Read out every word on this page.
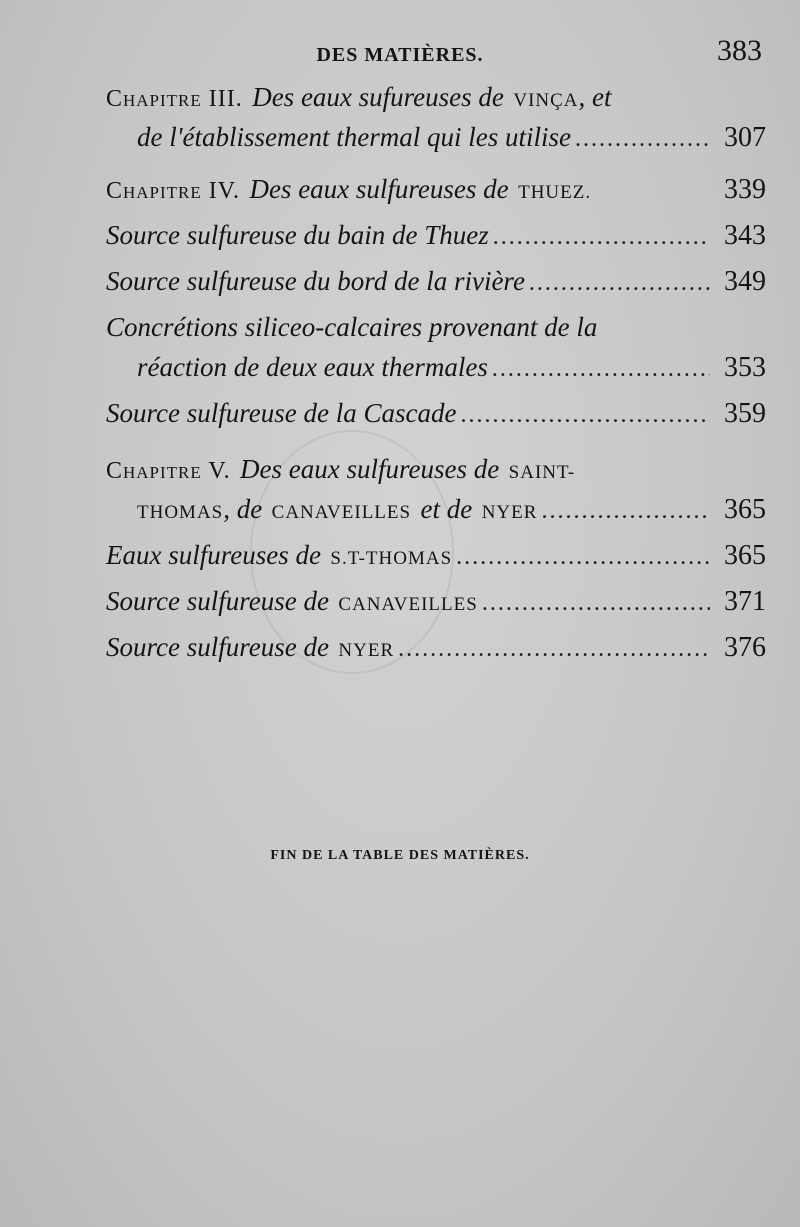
DES MATIÈRES.	383
Chapitre III. Des eaux sufureuses de VINÇA , et
de l'établissement thermal qui les utilise .....	307
Chapitre IV. Des eaux sulfureuses de THUEZ.	339
Source sulfureuse du bain de Thuez .....	343
Source sulfureuse du bord de la rivière .....	349
Concrétions siliceo-calcaires provenant de la
réaction de deux eaux thermales .....	353
Source sulfureuse de la Cascade .....	359
Chapitre V. Des eaux sulfureuses de SAINT-
THOMAS , de CANAVEILLES et de NYER .....	365
Eaux sulfureuses de S.T-THOMAS .....	365
Source sulfureuse de CANAVEILLES .....	371
Source sulfureuse de NYER .....	376
FIN DE LA TABLE DES MATIÈRES.
